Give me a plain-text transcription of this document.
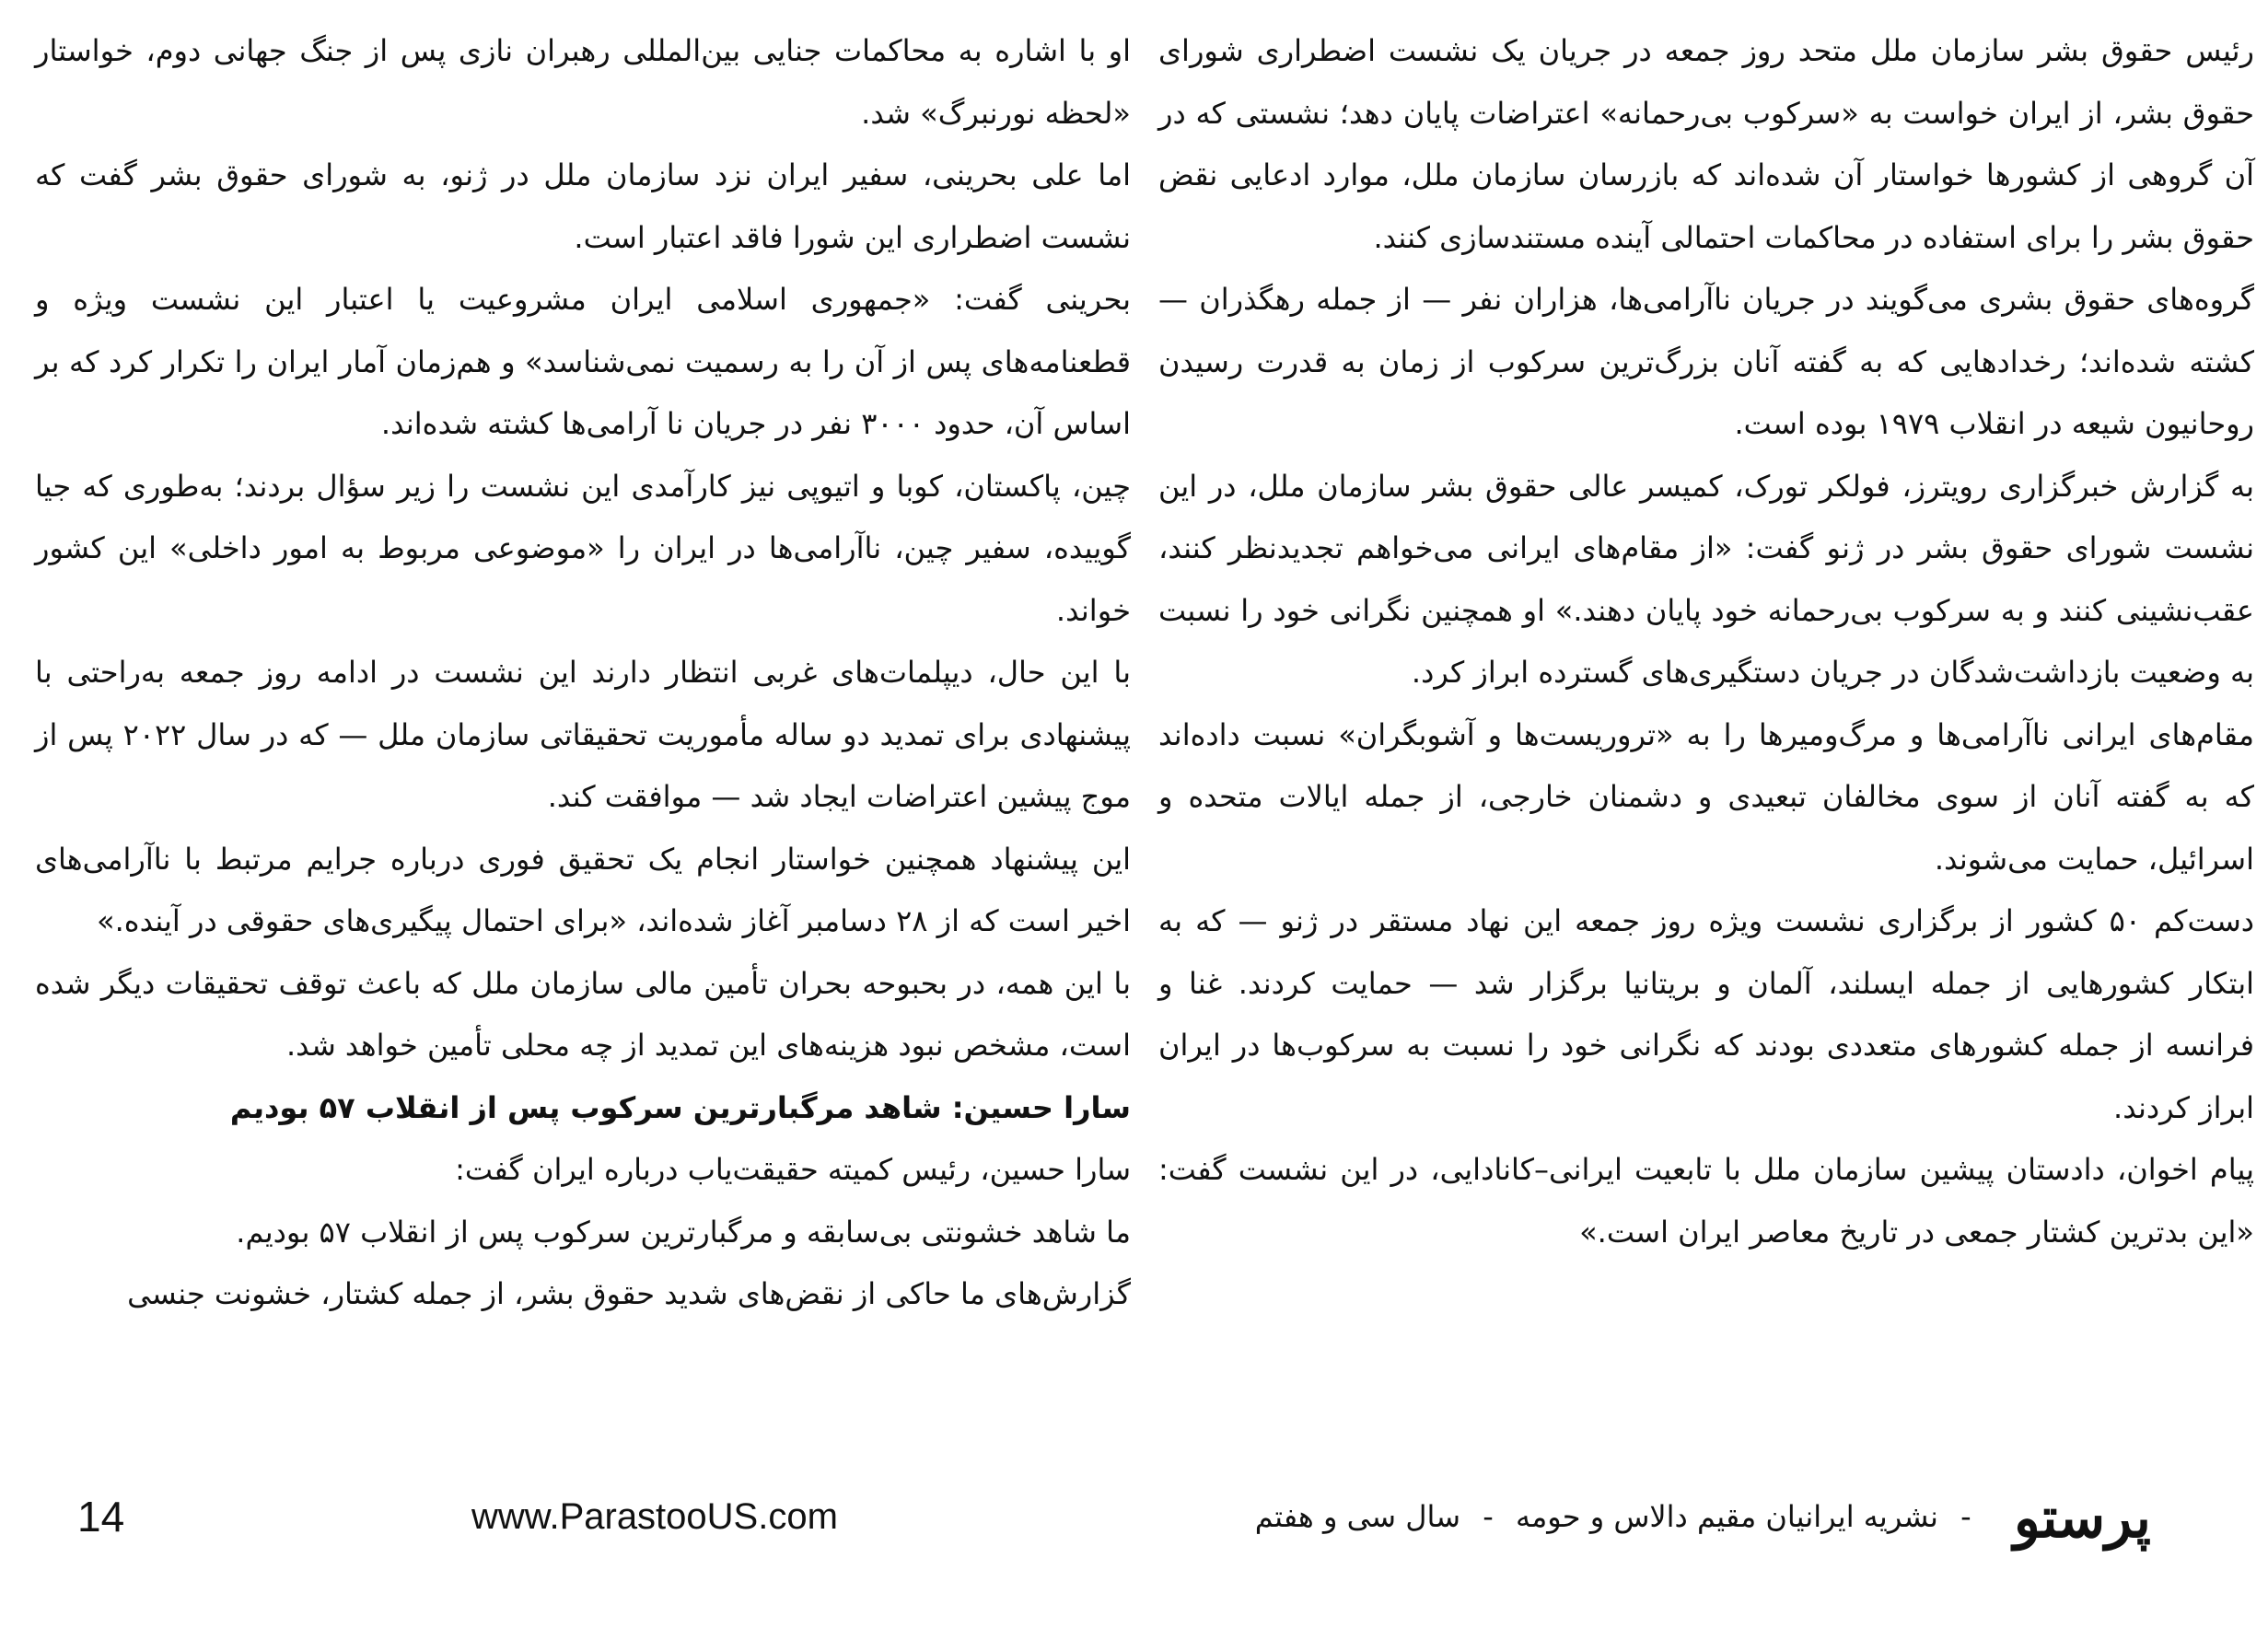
رئیس حقوق بشر سازمان ملل متحد روز جمعه در جریان یک نشست اضطراری شورای حقوق بشر، از ایران خواست به «سرکوب بی‌رحمانه» اعتراضات پایان دهد؛ نشستی که در آن گروهی از کشورها خواستار آن شده‌اند که بازرسان سازمان ملل، موارد ادعایی نقض حقوق بشر را برای استفاده در محاکمات احتمالی آینده مستندسازی کنند.

گروه‌های حقوق بشری می‌گویند در جریان ناآرامی‌ها، هزاران نفر — از جمله رهگذران — کشته شده‌اند؛ رخدادهایی که به گفته آنان بزرگ‌ترین سرکوب از زمان به قدرت رسیدن روحانیون شیعه در انقلاب ۱۹۷۹ بوده است.

به گزارش خبرگزاری رویترز، فولکر تورک، کمیسر عالی حقوق بشر سازمان ملل، در این نشست شورای حقوق بشر در ژنو گفت: «از مقام‌های ایرانی می‌خواهم تجدیدنظر کنند، عقب‌نشینی کنند و به سرکوب بی‌رحمانه خود پایان دهند.» او همچنین نگرانی خود را نسبت به وضعیت بازداشت‌شدگان در جریان دستگیری‌های گسترده ابراز کرد.

مقام‌های ایرانی ناآرامی‌ها و مرگ‌ومیرها را به «تروریست‌ها و آشوبگران» نسبت داده‌اند که به گفته آنان از سوی مخالفان تبعیدی و دشمنان خارجی، از جمله ایالات متحده و اسرائیل، حمایت می‌شوند.

دست‌کم ۵۰ کشور از برگزاری نشست ویژه روز جمعه این نهاد مستقر در ژنو — که به ابتکار کشورهایی از جمله ایسلند، آلمان و بریتانیا برگزار شد — حمایت کردند. غنا و فرانسه از جمله کشورهای متعددی بودند که نگرانی خود را نسبت به سرکوب‌ها در ایران ابراز کردند.

پیام اخوان، دادستان پیشین سازمان ملل با تابعیت ایرانی–کانادایی، در این نشست گفت: «این بدترین کشتار جمعی در تاریخ معاصر ایران است.»

او با اشاره به محاکمات جنایی بین‌المللی رهبران نازی پس از جنگ جهانی دوم، خواستار «لحظه نورنبرگ» شد.

اما علی بحرینی، سفیر ایران نزد سازمان ملل در ژنو، به شورای حقوق بشر گفت که نشست اضطراری این شورا فاقد اعتبار است.

بحرینی گفت: «جمهوری اسلامی ایران مشروعیت یا اعتبار این نشست ویژه و قطعنامه‌های پس از آن را به رسمیت نمی‌شناسد» و هم‌زمان آمار ایران را تکرار کرد که بر اساس آن، حدود ۳۰۰۰ نفر در جریان نا آرامی‌ها کشته شده‌اند.

چین، پاکستان، کوبا و اتیوپی نیز کارآمدی این نشست را زیر سؤال بردند؛ به‌طوری که جیا گوییده، سفیر چین، ناآرامی‌ها در ایران را «موضوعی مربوط به امور داخلی» این کشور خواند.

با این حال، دیپلمات‌های غربی انتظار دارند این نشست در ادامه روز جمعه به‌راحتی با پیشنهادی برای تمدید دو ساله مأموریت تحقیقاتی سازمان ملل — که در سال ۲۰۲۲ پس از موج پیشین اعتراضات ایجاد شد — موافقت کند.

این پیشنهاد همچنین خواستار انجام یک تحقیق فوری درباره جرایم مرتبط با ناآرامی‌های اخیر است که از ۲۸ دسامبر آغاز شده‌اند، «برای احتمال پیگیری‌های حقوقی در آینده.»

با این همه، در بحبوحه بحران تأمین مالی سازمان ملل که باعث توقف تحقیقات دیگر شده است، مشخص نبود هزینه‌های این تمدید از چه محلی تأمین خواهد شد.

سارا حسین: شاهد مرگبارترین سرکوب پس از انقلاب ۵۷ بودیم

سارا حسین، رئیس کمیته حقیقت‌یاب درباره ایران گفت:

ما شاهد خشونتی بی‌سابقه و مرگبارترین سرکوب پس از انقلاب ۵۷ بودیم.

گزارش‌های ما حاکی از نقض‌های شدید حقوق بشر، از جمله کشتار، خشونت جنسی

14	www.ParastooUS.com	پرستو - نشریه ایرانیان مقیم دالاس و حومه - سال سی و هفتم
